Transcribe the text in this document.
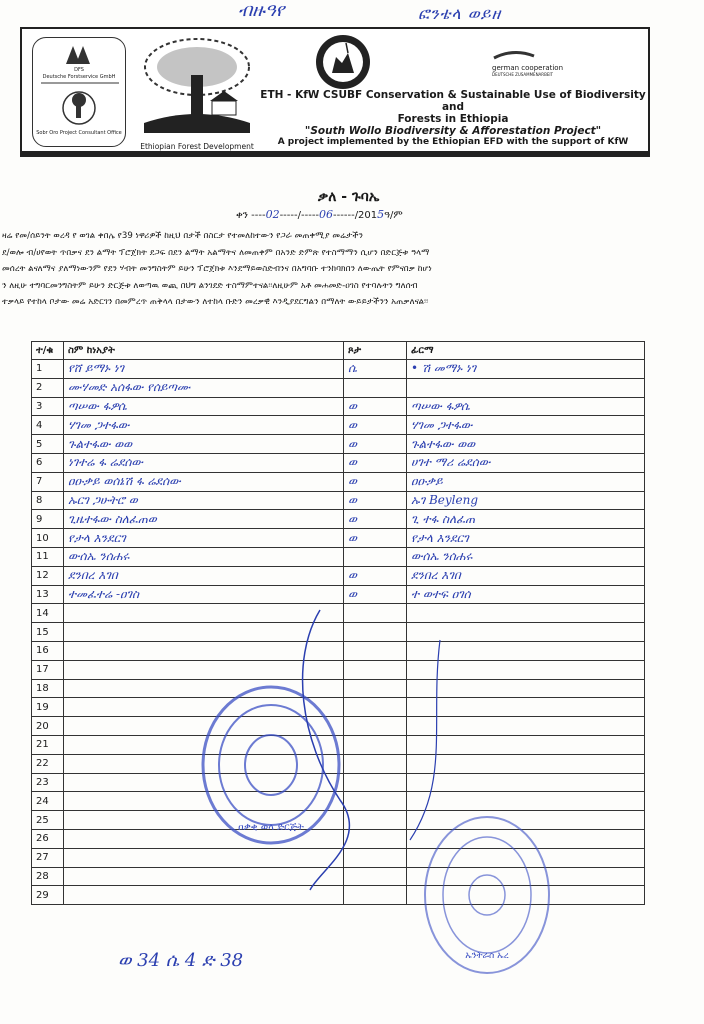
ብዙዓየ	ፎንቴላ ወይዘ
DFS
Deutsche Forstservice GmbH
Sobr Oro Project Consultant Office
Ethiopian Forest Development
german cooperation
DEUTSCHE ZUSAMMENARBEIT
ETH - KfW CSUBF Conservation & Sustainable Use of Biodiversity and
Forests in Ethiopia
"South Wollo Biodiversity & Afforestation Project"
A project implemented by the Ethiopian EFD with the support of KfW
ቃለ - ጉባኤ
ቀን ----02-----/-----06------/2015ዓ/ም

ዛሬ የመ/ሰይንት ወረዳ የ ወገል ቀበሌ የ39 ነዋሪዎች ከዚህ በታች በስርታ የተመለከተውን የጋራ መጠቀሚያ መሬታችን

ደ/ወሎ ብ/ሀየወት ጥበቃና ደን ልማት ፕሮጀክት ደጋፍ በደን ልማት አልማትና ለመጠቀም በአንድ ድምጽ የተስማማን ሲሆን በድርጅቱ ዓላማ

መሰረት ልናለማና ያለማነውንም የደን ሃብት መንግስትም ይሁን ፕሮጀክቱ እንደማይወስድብንና በአግባቡ ተንከባክበን ለውጤት የምናበቃ ከሆነ

ን ለዚሁ ተግባርመንግስትም ይሁን ድርጅቱ ለወጣዉ ወጪ በህግ ልንገደድ ተስማምተናል፡፡ለዚሁም አቶ መሐመድ-ዐገስ የተባሉትን ግለሰብ

ተቃላይ የተከላ ቦታው መሬ አድርገን በመምረጥ ጠቅላላ በታውን ለተከላ ቡድን መረቃዊ እንዲያደርግልን በማለት ውይይታችንን አጠቃለናል፡፡

ተ/ቁ	ስም ከነአያት	ጾታ	ፊርማ
1	የሸ ይማኑ ነገ	ሴ	• ሽ መማኑ ነገ
2	ሙሃመድ አሰፋው የሰይጣሙ		
3	ጣሠው ፋዎሴ	ወ	ጣሠው ፋዎሴ
4	ሃገመ ጋተፋው	ወ	ሃገመ ጋተፋው
5	ጉልተፋው ወወ	ወ	ጉልተፋው ወወ
6	ነገተሬ ፋ ሬደሰው	ወ	ሀገተ ማሪ ሬደሰው
7	ዐዑቃይ ወሰኔሽ ፋ ሬደሰው	ወ	ዐዑቃይ
8	ኡርገ ጋሁትሮ ወ	ወ	ኡገ Beyleng
9	ጊዜተፋው ስለፈጠወ	ወ	ጊ ተፋ ስለፈጠ
10	የታላ እንደርገ	ወ	የታላ እንደርገ
11	ውሰኤ ንሰሐሩ		ውሰኤ ንሰሐሩ
12	ደንበረ እገበ	ወ	ደንበረ እገበ
13	ተመፈተሬ -ዐገስ	ወ	ተ ወተፍ ዐገሰ
14			
15			
16			
17			
18			
19			
20			
21			
22			
23			
24			
25			
26			
27			
28			
29			
ዐቃቂ ወላ ድርጅት
ኡንትራስ ኡረ
ወ 34 ሴ 4 ድ 38
